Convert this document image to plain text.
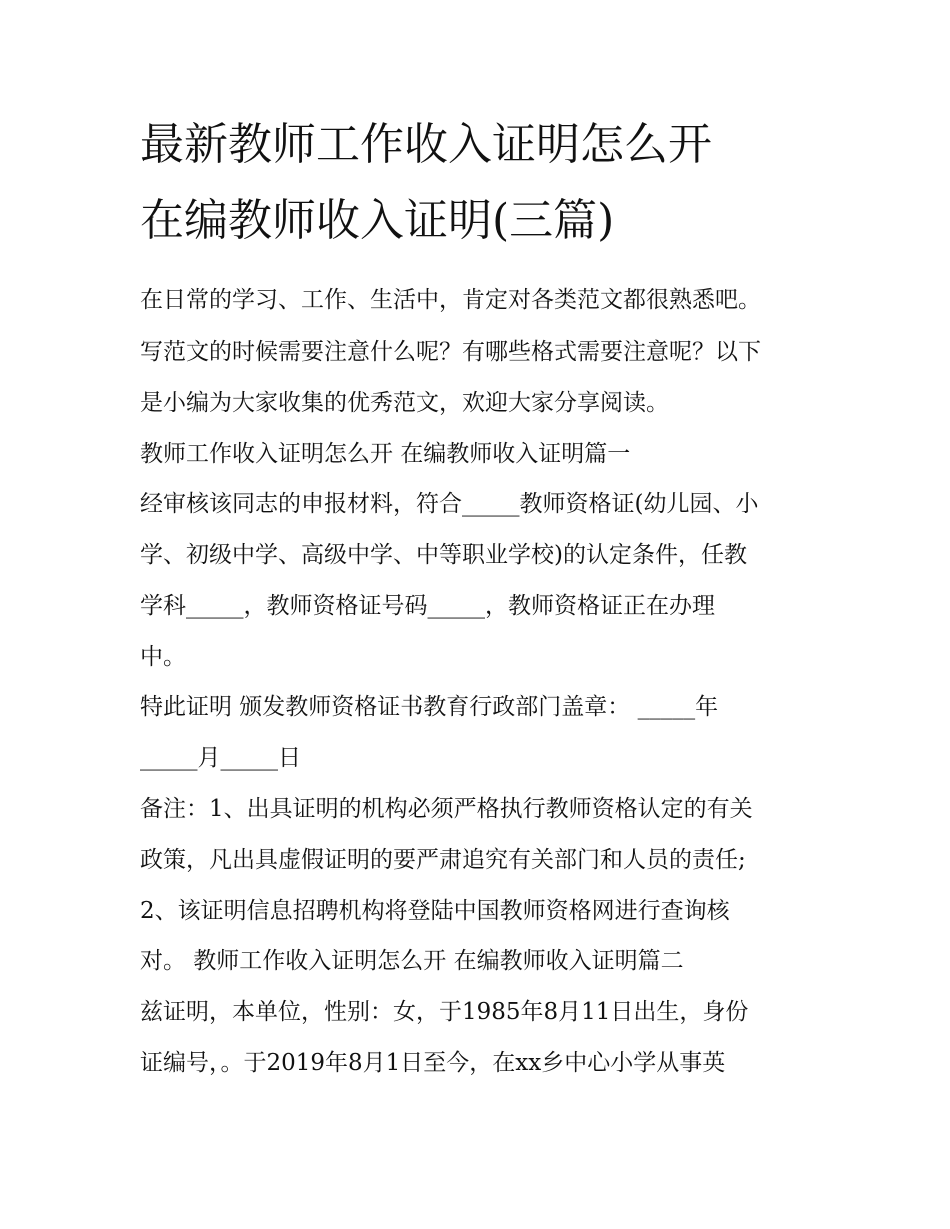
最新教师工作收入证明怎么开
在编教师收入证明(三篇)
在日常的学习、工作、生活中，肯定对各类范文都很熟悉吧。
写范文的时候需要注意什么呢？有哪些格式需要注意呢？以下
是小编为大家收集的优秀范文，欢迎大家分享阅读。
教师工作收入证明怎么开 在编教师收入证明篇一
经审核该同志的申报材料，符合_____教师资格证(幼儿园、小
学、初级中学、高级中学、中等职业学校)的认定条件，任教
学科_____，教师资格证号码_____，教师资格证正在办理
中。
特此证明 颁发教师资格证书教育行政部门盖章： _____年
_____月_____日
备注：1、出具证明的机构必须严格执行教师资格认定的有关
政策，凡出具虚假证明的要严肃追究有关部门和人员的责任;
2、该证明信息招聘机构将登陆中国教师资格网进行查询核
对。 教师工作收入证明怎么开 在编教师收入证明篇二
兹证明，本单位，性别：女，于1985年8月11日出生，身份
证编号，。于2019年8月1日至今，在xx乡中心小学从事英
